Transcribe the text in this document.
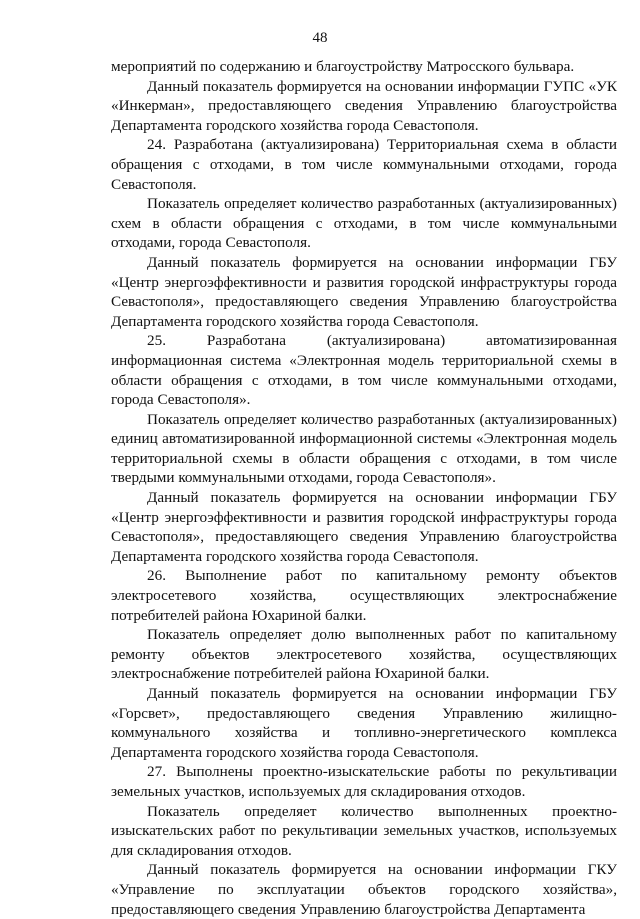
48

мероприятий по содержанию и благоустройству Матросского бульвара.

Данный показатель формируется на основании информации ГУПС «УК «Инкерман», предоставляющего сведения Управлению благоустройства Департамента городского хозяйства города Севастополя.

24. Разработана (актуализирована) Территориальная схема в области обращения с отходами, в том числе коммунальными отходами, города Севастополя.

Показатель определяет количество разработанных (актуализированных) схем в области обращения с отходами, в том числе коммунальными отходами, города Севастополя.

Данный показатель формируется на основании информации ГБУ «Центр энергоэффективности и развития городской инфраструктуры города Севастополя», предоставляющего сведения Управлению благоустройства Департамента городского хозяйства города Севастополя.

25. Разработана (актуализирована) автоматизированная информационная система «Электронная модель территориальной схемы в области обращения с отходами, в том числе коммунальными отходами, города Севастополя».

Показатель определяет количество разработанных (актуализированных) единиц автоматизированной информационной системы «Электронная модель территориальной схемы в области обращения с отходами, в том числе твердыми коммунальными отходами, города Севастополя».

Данный показатель формируется на основании информации ГБУ «Центр энергоэффективности и развития городской инфраструктуры города Севастополя», предоставляющего сведения Управлению благоустройства Департамента городского хозяйства города Севастополя.

26. Выполнение работ по капитальному ремонту объектов электросетевого хозяйства, осуществляющих электроснабжение потребителей района Юхариной балки.

Показатель определяет долю выполненных работ по капитальному ремонту объектов электросетевого хозяйства, осуществляющих электроснабжение потребителей района Юхариной балки.

Данный показатель формируется на основании информации ГБУ «Горсвет», предоставляющего сведения Управлению жилищно-коммунального хозяйства и топливно-энергетического комплекса Департамента городского хозяйства города Севастополя.

27. Выполнены проектно-изыскательские работы по рекультивации земельных участков, используемых для складирования отходов.

Показатель определяет количество выполненных проектно-изыскательских работ по рекультивации земельных участков, используемых для складирования отходов.

Данный показатель формируется на основании информации ГКУ «Управление по эксплуатации объектов городского хозяйства», предоставляющего сведения Управлению благоустройства Департамента
